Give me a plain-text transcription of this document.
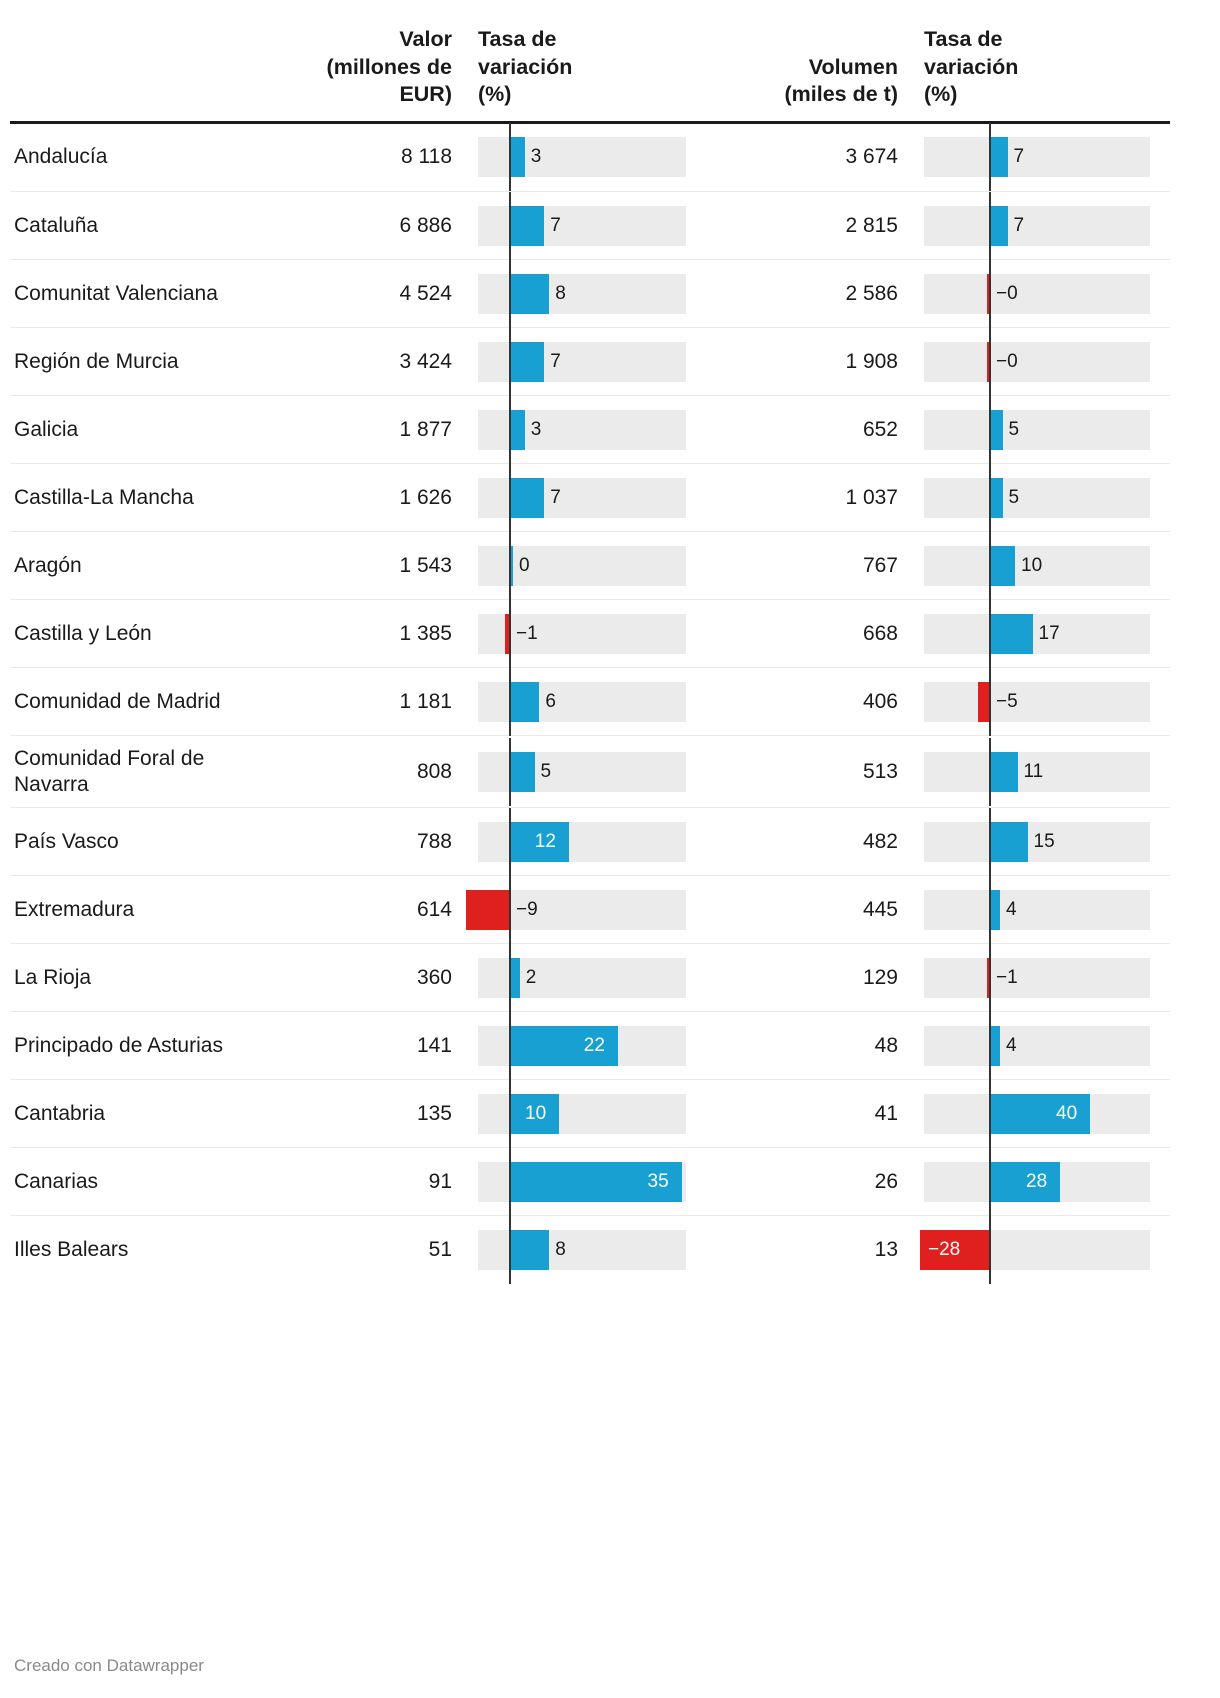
Valor
(millones de
EUR)

Tasa de
variación
(%)

Volumen
(miles de t)

Tasa de
variación
(%)

Andalucía	8 118	3	3 674	7

Cataluña	6 886	7	2 815	7

Comunitat Valenciana	4 524	8	2 586	−0

Región de Murcia	3 424	7	1 908	−0

Galicia	1 877	3	652	5

Castilla-La Mancha	1 626	7	1 037	5

Aragón	1 543	0	767	10

Castilla y León	1 385	−1	668	17

Comunidad de Madrid	1 181	6	406	−5

Comunidad Foral de Navarra	808	5	513	11

País Vasco	788	12	482	15

Extremadura	614	−9	445	4

La Rioja	360	2	129	−1

Principado de Asturias	141	22	48	4

Cantabria	135	10	41	40

Canarias	91	35	26	28

Illes Balears	51	8	13	−28
Creado con Datawrapper
